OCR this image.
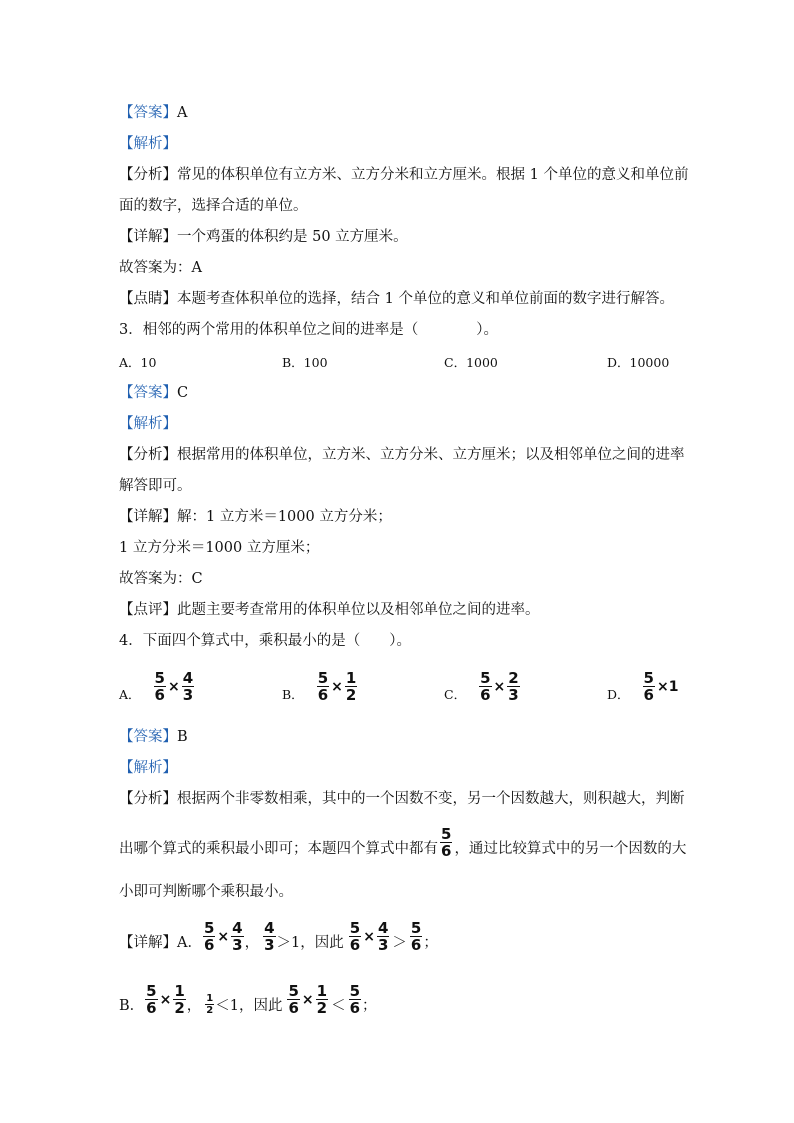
【答案】A
【解析】
【分析】常见的体积单位有立方米、立方分米和立方厘米。根据 1 个单位的意义和单位前
面的数字，选择合适的单位。
【详解】一个鸡蛋的体积约是 50 立方厘米。
故答案为：A
【点睛】本题考查体积单位的选择，结合 1 个单位的意义和单位前面的数字进行解答。
3．相邻的两个常用的体积单位之间的进率是（　　　　）。
A．10	B．100	C．1000	D．10000
【答案】C
【解析】
【分析】根据常用的体积单位，立方米、立方分米、立方厘米；以及相邻单位之间的进率
解答即可。
【详解】解：1 立方米＝1000 立方分米；
1 立方分米＝1000 立方厘米；
故答案为：C
【点评】此题主要考查常用的体积单位以及相邻单位之间的进率。
4．下面四个算式中，乘积最小的是（　　）。
A． $\frac{5}{6} \times \frac{4}{3}$	B． $\frac{5}{6} \times \frac{1}{2}$	C． $\frac{5}{6} \times \frac{2}{3}$	D． $\frac{5}{6} \times 1$
【答案】B
【解析】
【分析】根据两个非零数相乘，其中的一个因数不变，另一个因数越大，则积越大，判断
出哪个算式的乘积最小即可；本题四个算式中都有 $\frac{5}{6}$ ，通过比较算式中的另一个因数的大
小即可判断哪个乘积最小。
【详解】A． $\frac{5}{6} \times \frac{4}{3}$ ， $\frac{4}{3} >1$，因此 $\frac{5}{6} \times \frac{4}{3} > \frac{5}{6}$ ；
B． $\frac{5}{6} \times \frac{1}{2}$ ， $\frac{1}{2} <1$，因此 $\frac{5}{6} \times \frac{1}{2} < \frac{5}{6}$ ；
